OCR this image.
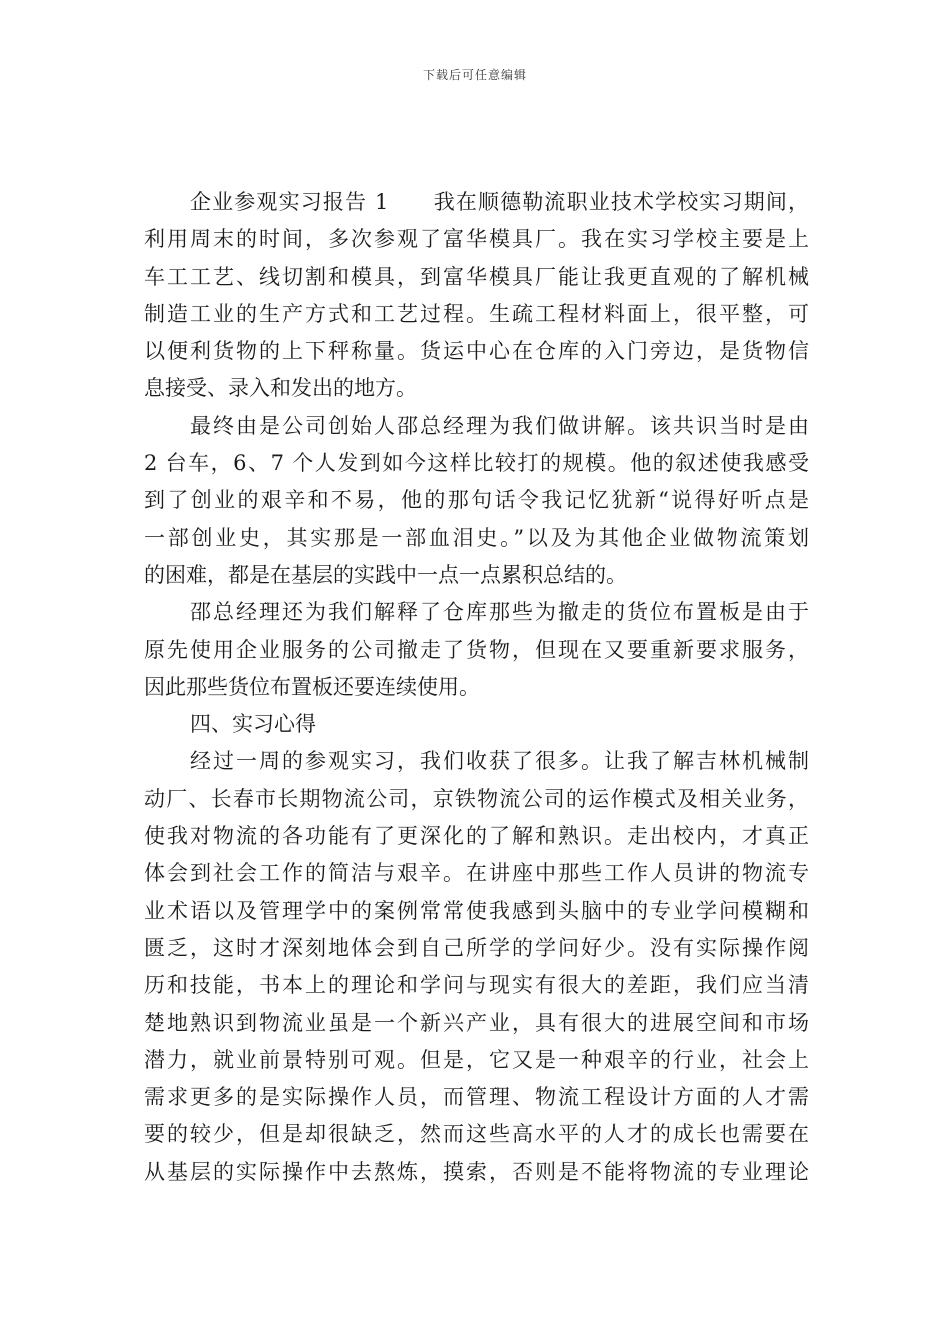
下载后可任意编辑
企业参观实习报告 1　　我在顺德勒流职业技术学校实习期间，
利用周末的时间，多次参观了富华模具厂。我在实习学校主要是上
车工工艺、线切割和模具，到富华模具厂能让我更直观的了解机械
制造工业的生产方式和工艺过程。生疏工程材料面上，很平整，可
以便利货物的上下秤称量。货运中心在仓库的入门旁边，是货物信
息接受、录入和发出的地方。
最终由是公司创始人邵总经理为我们做讲解。该共识当时是由
2 台车，6、7 个人发到如今这样比较打的规模。他的叙述使我感受
到了创业的艰辛和不易，他的那句话令我记忆犹新“说得好听点是
一部创业史，其实那是一部血泪史。”以及为其他企业做物流策划
的困难，都是在基层的实践中一点一点累积总结的。
邵总经理还为我们解释了仓库那些为撤走的货位布置板是由于
原先使用企业服务的公司撤走了货物，但现在又要重新要求服务，
因此那些货位布置板还要连续使用。
四、实习心得
经过一周的参观实习，我们收获了很多。让我了解吉林机械制
动厂、长春市长期物流公司，京铁物流公司的运作模式及相关业务，
使我对物流的各功能有了更深化的了解和熟识。走出校内，才真正
体会到社会工作的简洁与艰辛。在讲座中那些工作人员讲的物流专
业术语以及管理学中的案例常常使我感到头脑中的专业学问模糊和
匮乏，这时才深刻地体会到自己所学的学问好少。没有实际操作阅
历和技能，书本上的理论和学问与现实有很大的差距，我们应当清
楚地熟识到物流业虽是一个新兴产业，具有很大的进展空间和市场
潜力，就业前景特别可观。但是，它又是一种艰辛的行业，社会上
需求更多的是实际操作人员，而管理、物流工程设计方面的人才需
要的较少，但是却很缺乏，然而这些高水平的人才的成长也需要在
从基层的实际操作中去熬炼，摸索，否则是不能将物流的专业理论
